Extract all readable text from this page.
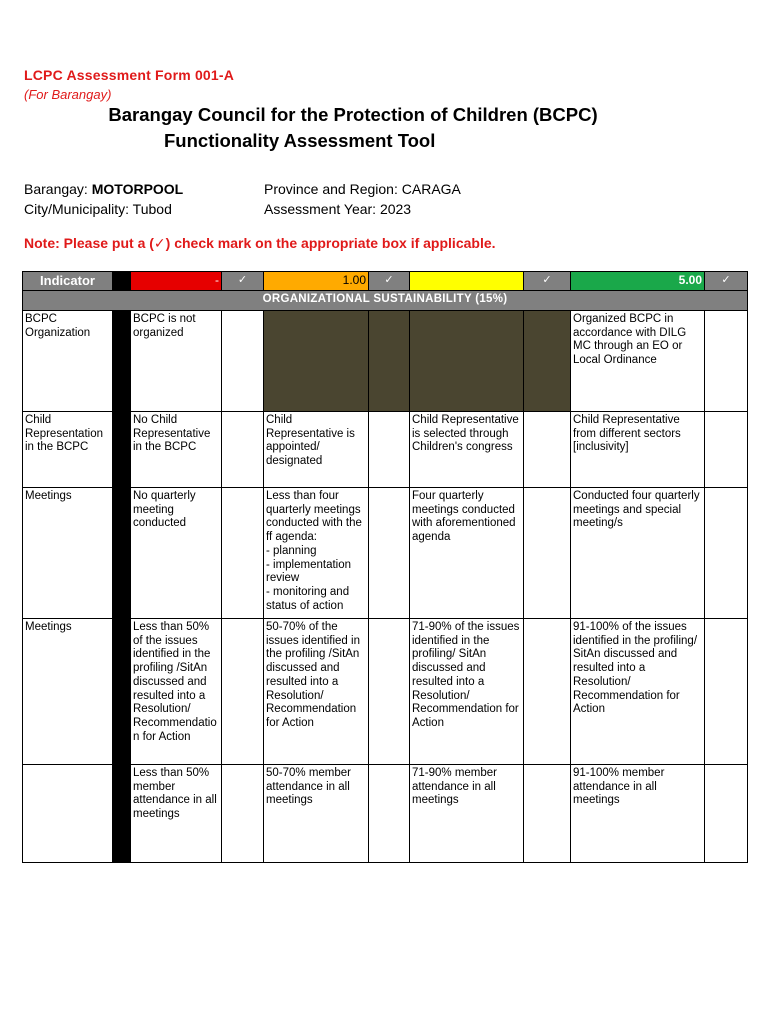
LCPC Assessment Form 001-A
(For Barangay)
Barangay Council for the Protection of Children (BCPC)
Functionality Assessment Tool
Barangay: MOTORPOOL
City/Municipality: Tubod
Province and Region: CARAGA
Assessment Year: 2023
Note: Please put a (✓) check mark on the appropriate box if applicable.
Indicator		-	✓	1.00	✓	3.00	✓	5.00	✓
ORGANIZATIONAL SUSTAINABILITY (15%)									
BCPC Organization		BCPC is not organized						Organized BCPC in accordance with DILG MC through an EO or Local Ordinance	
Child Representation in the BCPC		No Child Representative in the BCPC		Child Representative is appointed/ designated		Child Representative is selected through Children's congress		Child Representative from different sectors [inclusivity]	
Meetings		No quarterly meeting conducted		Less than four quarterly meetings conducted with the ff agenda:
- planning
- implementation review
- monitoring and status of action		Four quarterly meetings conducted with aforementioned agenda		Conducted four quarterly meetings and special meeting/s	
Meetings		Less than 50% of the issues identified in the profiling /SitAn discussed and resulted into a Resolution/ Recommendation for Action		50-70% of the issues identified in the profiling /SitAn discussed and resulted into a Resolution/ Recommendation for Action		71-90% of the issues identified in the profiling/ SitAn discussed and resulted into a Resolution/ Recommendation for Action		91-100% of the issues identified in the profiling/ SitAn discussed and resulted into a Resolution/ Recommendation for Action	
		Less than 50% member attendance in all meetings		50-70% member attendance in all meetings		71-90% member attendance in all meetings		91-100% member attendance in all meetings	
